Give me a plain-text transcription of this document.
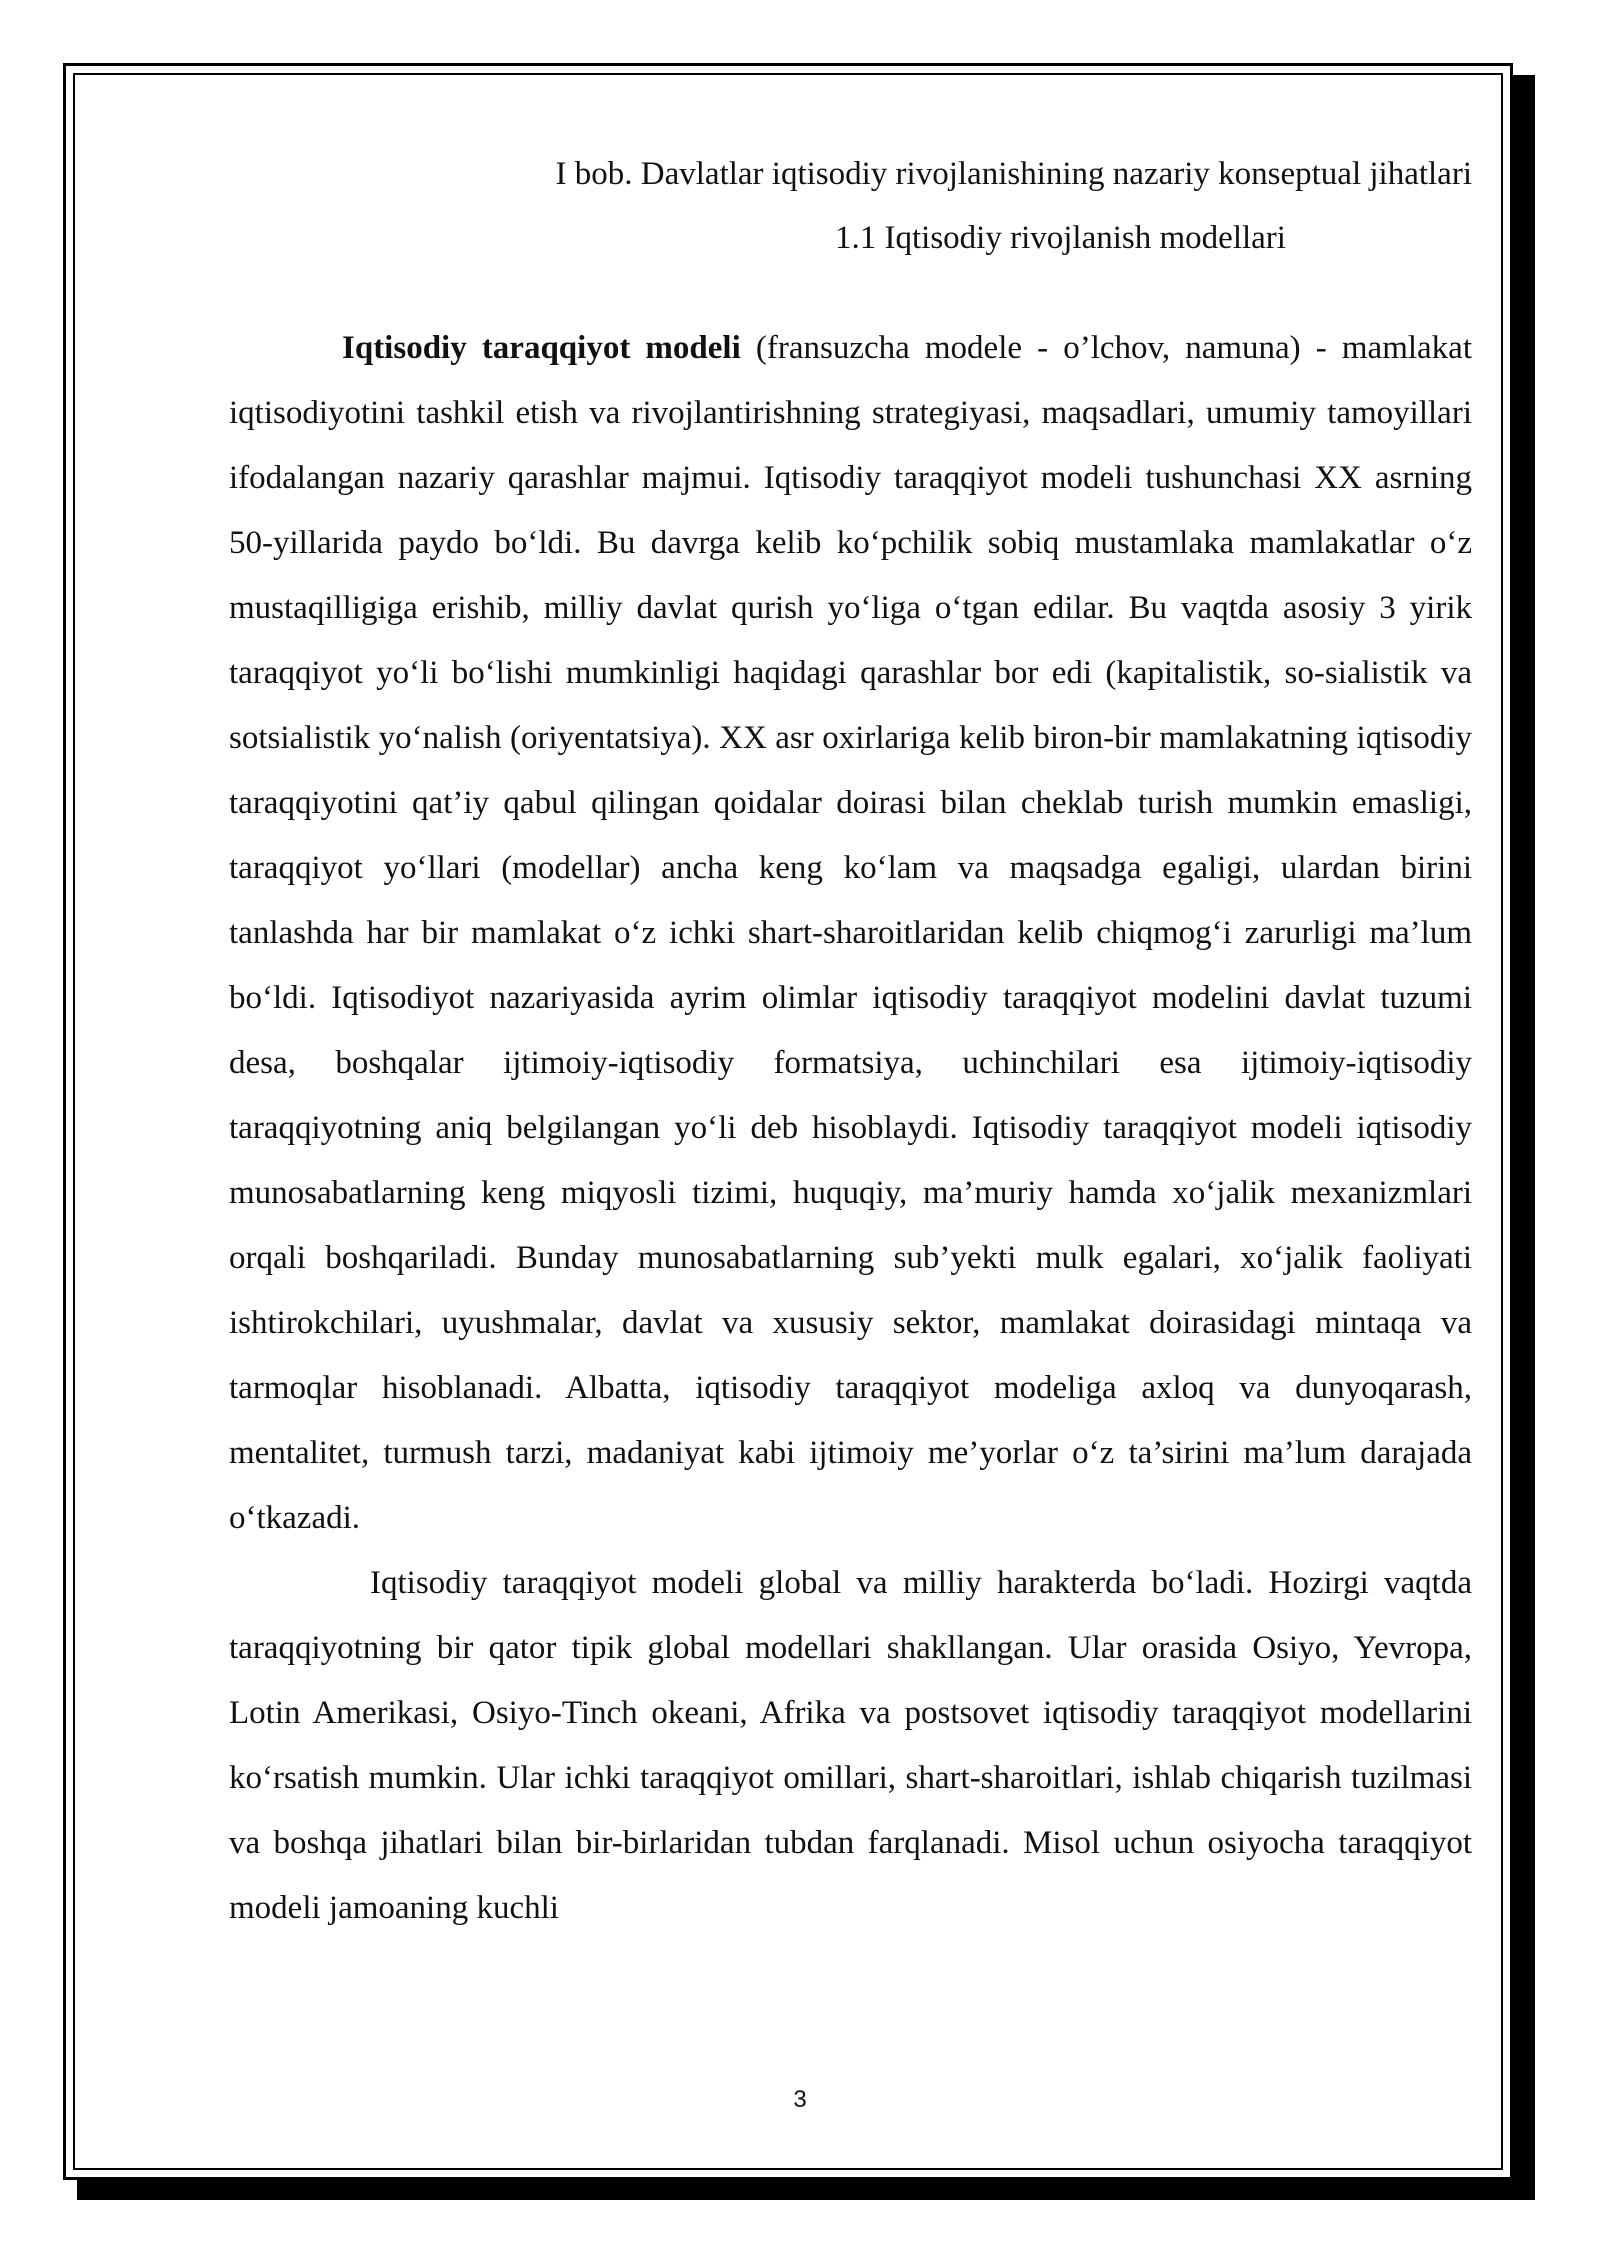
I bob. Davlatlar iqtisodiy rivojlanishining nazariy konseptual jihatlari
1.1 Iqtisodiy rivojlanish modellari

Iqtisodiy taraqqiyot modeli (fransuzcha modele - o’lchov, namuna) - mamlakat iqtisodiyotini tashkil etish va rivojlantirishning strategiyasi, maqsadlari, umumiy tamoyillari ifodalangan nazariy qarashlar majmui. Iqtisodiy taraqqiyot modeli tushunchasi XX asrning 50-yillarida paydo bo‘ldi. Bu davrga kelib ko‘pchilik sobiq mustamlaka mamlakatlar o‘z mustaqilligiga erishib, milliy davlat qurish yo‘liga o‘tgan edilar. Bu vaqtda asosiy 3 yirik taraqqiyot yo‘li bo‘lishi mumkinligi haqidagi qarashlar bor edi (kapitalistik, so-sialistik va sotsialistik yo‘nalish (oriyentatsiya). XX asr oxirlariga kelib biron-bir mamlakatning iqtisodiy taraqqiyotini qat’iy qabul qilingan qoidalar doirasi bilan cheklab turish mumkin emasligi, taraqqiyot yo‘llari (modellar) ancha keng ko‘lam va maqsadga egaligi, ulardan birini tanlashda har bir mamlakat o‘z ichki shart-sharoitlaridan kelib chiqmog‘i zarurligi ma’lum bo‘ldi. Iqtisodiyot nazariyasida ayrim olimlar iqtisodiy taraqqiyot modelini davlat tuzumi desa, boshqalar ijtimoiy-iqtisodiy formatsiya, uchinchilari esa ijtimoiy-iqtisodiy taraqqiyotning aniq belgilangan yo‘li deb hisoblaydi. Iqtisodiy taraqqiyot modeli iqtisodiy munosabatlarning keng miqyosli tizimi, huquqiy, ma’muriy hamda xo‘jalik mexanizmlari orqali boshqariladi. Bunday munosabatlarning sub’yekti mulk egalari, xo‘jalik faoliyati ishtirokchilari, uyushmalar, davlat va xususiy sektor, mamlakat doirasidagi mintaqa va tarmoqlar hisoblanadi. Albatta, iqtisodiy taraqqiyot modeliga axloq va dunyoqarash, mentalitet, turmush tarzi, madaniyat kabi ijtimoiy me’yorlar o‘z ta’sirini ma’lum darajada o‘tkazadi.

Iqtisodiy taraqqiyot modeli global va milliy harakterda bo‘ladi. Hozirgi vaqtda taraqqiyotning bir qator tipik global modellari shakllangan. Ular orasida Osiyo, Yevropa, Lotin Amerikasi, Osiyo-Tinch okeani, Afrika va postsovet iqtisodiy taraqqiyot modellarini ko‘rsatish mumkin. Ular ichki taraqqiyot omillari, shart-sharoitlari, ishlab chiqarish tuzilmasi va boshqa jihatlari bilan bir-birlaridan tubdan farqlanadi. Misol uchun osiyocha taraqqiyot modeli jamoaning kuchli

3
